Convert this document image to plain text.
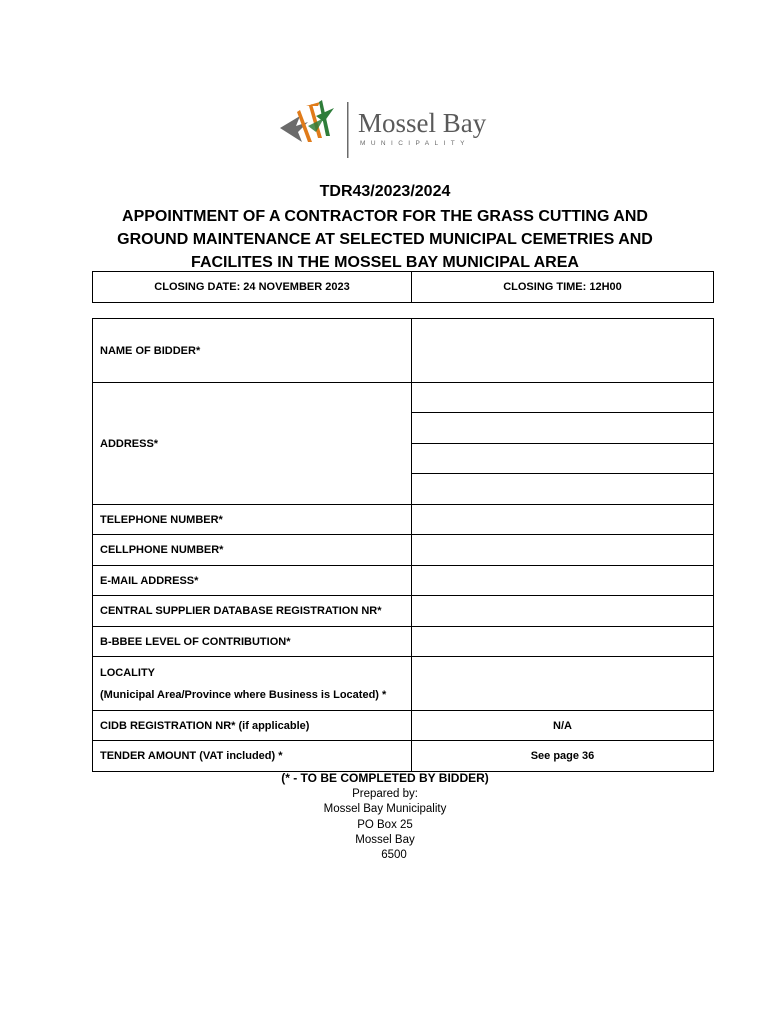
Mossel Bay
MUNICIPALITY
TDR43/2023/2024
APPOINTMENT OF A CONTRACTOR FOR THE GRASS CUTTING AND GROUND MAINTENANCE AT SELECTED MUNICIPAL CEMETRIES AND FACILITES IN THE MOSSEL BAY MUNICIPAL AREA
CLOSING DATE: 24 NOVEMBER 2023	CLOSING TIME: 12H00
NAME OF BIDDER*	
ADDRESS*	

TELEPHONE NUMBER*	
CELLPHONE NUMBER*	
E-MAIL ADDRESS*	
CENTRAL SUPPLIER DATABASE REGISTRATION NR*	
B-BBEE LEVEL OF CONTRIBUTION*	

LOCALITY
(Municipal Area/Province where Business is Located) *	

CIDB REGISTRATION NR* (if applicable)	N/A
TENDER AMOUNT (VAT included) *	See page 36
(* - TO BE COMPLETED BY BIDDER)
Prepared by:
Mossel Bay Municipality
PO Box 25
Mossel Bay
6500
